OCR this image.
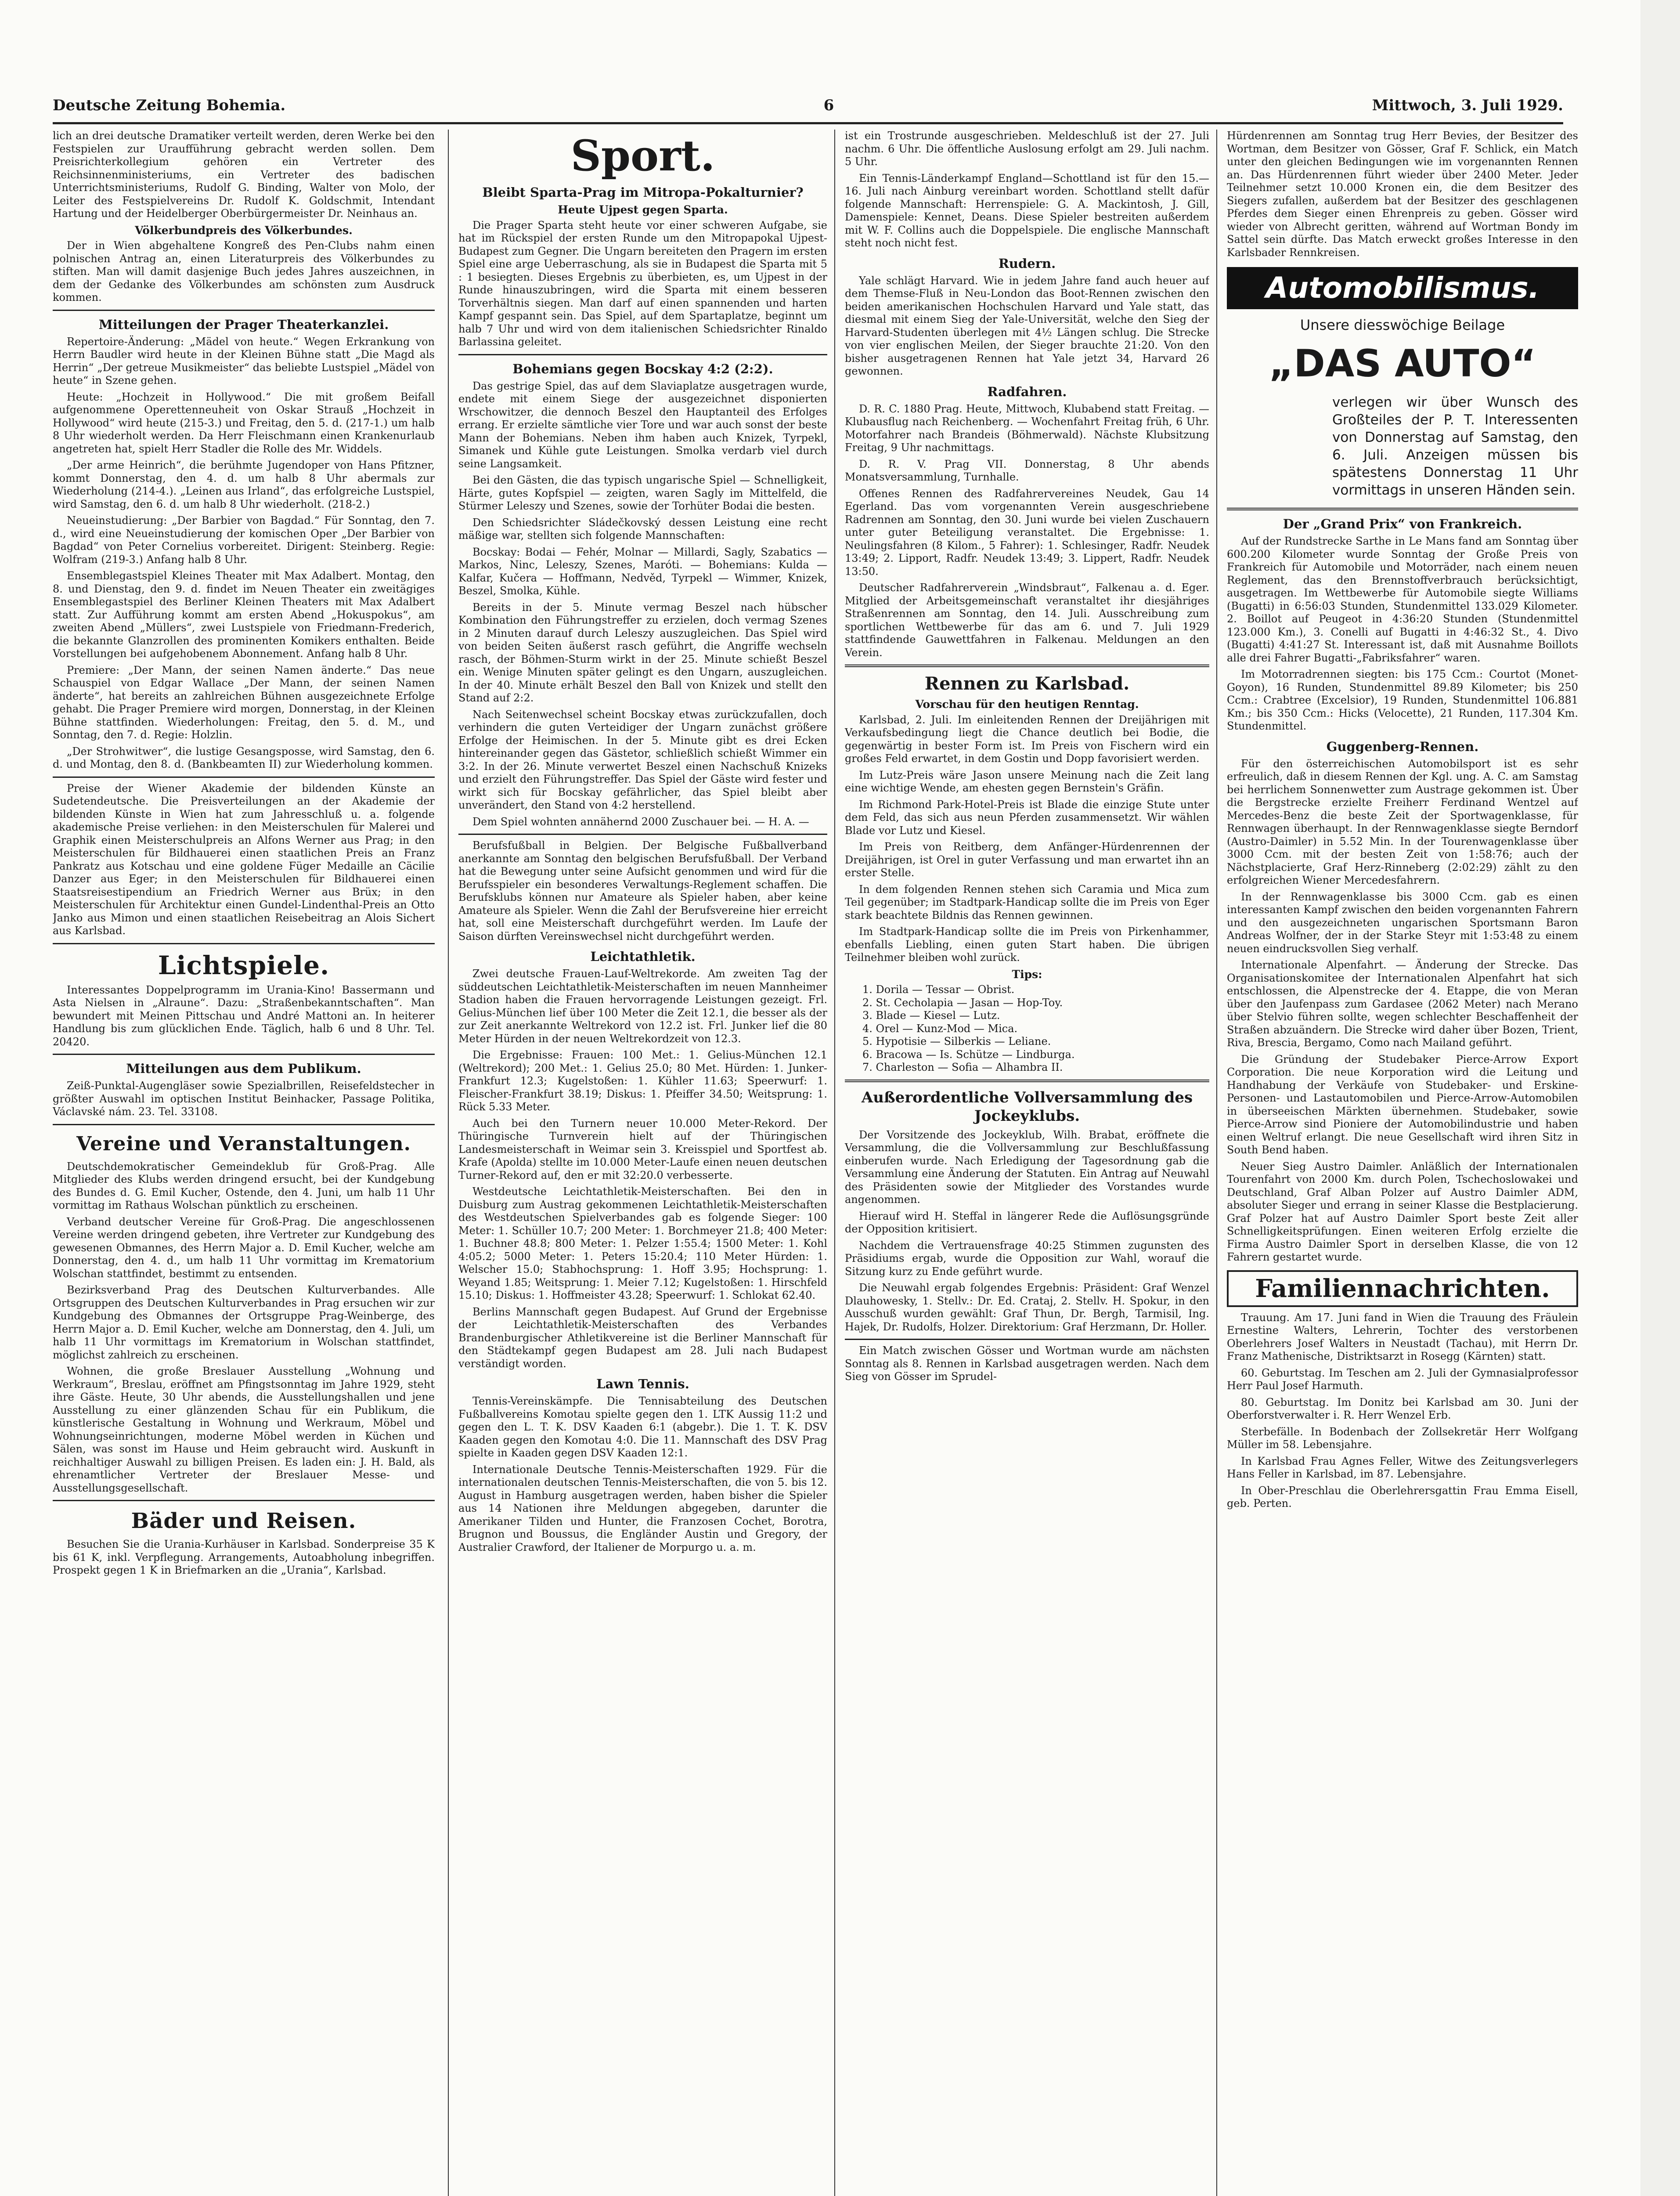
Deutsche Zeitung Bohemia.	6	Mittwoch, 3. Juli 1929.

lich an drei deutsche Dramatiker verteilt werden, deren Werke bei den Festspielen zur Uraufführung gebracht werden sollen. Dem Preisrichterkollegium gehören ein Vertreter des Reichsinnenministeriums, ein Vertreter des badischen Unterrichtsministeriums, Rudolf G. Binding, Walter von Molo, der Leiter des Festspielvereins Dr. Rudolf K. Goldschmit, Intendant Hartung und der Heidelberger Oberbürgermeister Dr. Neinhaus an.

Völkerbundpreis des Völkerbundes.

Der in Wien abgehaltene Kongreß des Pen-Clubs nahm einen polnischen Antrag an, einen Literaturpreis des Völkerbundes zu stiften. Man will damit dasjenige Buch jedes Jahres auszeichnen, in dem der Gedanke des Völkerbundes am schönsten zum Ausdruck kommen.

Mitteilungen der Prager Theaterkanzlei.

Repertoire-Änderung: „Mädel von heute.“ Wegen Erkrankung von Herrn Baudler wird heute in der Kleinen Bühne statt „Die Magd als Herrin“ „Der getreue Musikmeister“ das beliebte Lustspiel „Mädel von heute“ in Szene gehen.

Heute: „Hochzeit in Hollywood.“ Die mit großem Beifall aufgenommene Operettenneuheit von Oskar Strauß „Hochzeit in Hollywood“ wird heute (215-3.) und Freitag, den 5. d. (217-1.) um halb 8 Uhr wiederholt werden. Da Herr Fleischmann einen Krankenurlaub angetreten hat, spielt Herr Stadler die Rolle des Mr. Widdels.

„Der arme Heinrich“, die berühmte Jugendoper von Hans Pfitzner, kommt Donnerstag, den 4. d. um halb 8 Uhr abermals zur Wiederholung (214-4.). „Leinen aus Irland“, das erfolgreiche Lustspiel, wird Samstag, den 6. d. um halb 8 Uhr wiederholt. (218-2.)

Neueinstudierung: „Der Barbier von Bagdad.“ Für Sonntag, den 7. d., wird eine Neueinstudierung der komischen Oper „Der Barbier von Bagdad“ von Peter Cornelius vorbereitet. Dirigent: Steinberg. Regie: Wolfram (219-3.) Anfang halb 8 Uhr.

Ensemblegastspiel Kleines Theater mit Max Adalbert. Montag, den 8. und Dienstag, den 9. d. findet im Neuen Theater ein zweitägiges Ensemblegastspiel des Berliner Kleinen Theaters mit Max Adalbert statt. Zur Aufführung kommt am ersten Abend „Hokuspokus“, am zweiten Abend „Müllers“, zwei Lustspiele von Friedmann-Frederich, die bekannte Glanzrollen des prominenten Komikers enthalten. Beide Vorstellungen bei aufgehobenem Abonnement. Anfang halb 8 Uhr.

Premiere: „Der Mann, der seinen Namen änderte.“ Das neue Schauspiel von Edgar Wallace „Der Mann, der seinen Namen änderte“, hat bereits an zahlreichen Bühnen ausgezeichnete Erfolge gehabt. Die Prager Premiere wird morgen, Donnerstag, in der Kleinen Bühne stattfinden. Wiederholungen: Freitag, den 5. d. M., und Sonntag, den 7. d. Regie: Holzlin.

„Der Strohwitwer“, die lustige Gesangsposse, wird Samstag, den 6. d. und Montag, den 8. d. (Bankbeamten II) zur Wiederholung kommen.

Preise der Wiener Akademie der bildenden Künste an Sudetendeutsche. Die Preisverteilungen an der Akademie der bildenden Künste in Wien hat zum Jahresschluß u. a. folgende akademische Preise verliehen: in den Meisterschulen für Malerei und Graphik einen Meisterschulpreis an Alfons Werner aus Prag; in den Meisterschulen für Bildhauerei einen staatlichen Preis an Franz Pankratz aus Kotschau und eine goldene Füger Medaille an Cäcilie Danzer aus Eger; in den Meisterschulen für Bildhauerei einen Staatsreisestipendium an Friedrich Werner aus Brüx; in den Meisterschulen für Architektur einen Gundel-Lindenthal-Preis an Otto Janko aus Mimon und einen staatlichen Reisebeitrag an Alois Sichert aus Karlsbad.

Lichtspiele.

Interessantes Doppelprogramm im Urania-Kino! Bassermann und Asta Nielsen in „Alraune“. Dazu: „Straßenbekanntschaften“. Man bewundert mit Meinen Pittschau und André Mattoni an. In heiterer Handlung bis zum glücklichen Ende. Täglich, halb 6 und 8 Uhr. Tel. 20420.

Mitteilungen aus dem Publikum.

Zeiß-Punktal-Augengläser sowie Spezialbrillen, Reisefeldstecher in größter Auswahl im optischen Institut Beinhacker, Passage Politika, Václavské nám. 23. Tel. 33108.

Vereine und Veranstaltungen.

Deutschdemokratischer Gemeindeklub für Groß-Prag. Alle Mitglieder des Klubs werden dringend ersucht, bei der Kundgebung des Bundes d. G. Emil Kucher, Ostende, den 4. Juni, um halb 11 Uhr vormittag im Rathaus Wolschan pünktlich zu erscheinen.

Verband deutscher Vereine für Groß-Prag. Die angeschlossenen Vereine werden dringend gebeten, ihre Vertreter zur Kundgebung des gewesenen Obmannes, des Herrn Major a. D. Emil Kucher, welche am Donnerstag, den 4. d., um halb 11 Uhr vormittag im Krematorium Wolschan stattfindet, bestimmt zu entsenden.

Bezirksverband Prag des Deutschen Kulturverbandes. Alle Ortsgruppen des Deutschen Kulturverbandes in Prag ersuchen wir zur Kundgebung des Obmannes der Ortsgruppe Prag-Weinberge, des Herrn Major a. D. Emil Kucher, welche am Donnerstag, den 4. Juli, um halb 11 Uhr vormittags im Krematorium in Wolschan stattfindet, möglichst zahlreich zu erscheinen.

Wohnen, die große Breslauer Ausstellung „Wohnung und Werkraum“, Breslau, eröffnet am Pfingstsonntag im Jahre 1929, steht ihre Gäste. Heute, 30 Uhr abends, die Ausstellungshallen und jene Ausstellung zu einer glänzenden Schau für ein Publikum, die künstlerische Gestaltung in Wohnung und Werkraum, Möbel und Wohnungseinrichtungen, moderne Möbel werden in Küchen und Sälen, was sonst im Hause und Heim gebraucht wird. Auskunft in reichhaltiger Auswahl zu billigen Preisen. Es laden ein: J. H. Bald, als ehrenamtlicher Vertreter der Breslauer Messe- und Ausstellungsgesellschaft.

Bäder und Reisen.

Besuchen Sie die Urania-Kurhäuser in Karlsbad. Sonderpreise 35 K bis 61 K, inkl. Verpflegung. Arrangements, Autoabholung inbegriffen. Prospekt gegen 1 K in Briefmarken an die „Urania“, Karlsbad.

Sport.
Bleibt Sparta-Prag im Mitropa-Pokalturnier?
Heute Ujpest gegen Sparta.

Die Prager Sparta steht heute vor einer schweren Aufgabe, sie hat im Rückspiel der ersten Runde um den Mitropapokal Ujpest-Budapest zum Gegner. Die Ungarn bereiteten den Pragern im ersten Spiel eine arge Ueberraschung, als sie in Budapest die Sparta mit 5 : 1 besiegten. Dieses Ergebnis zu überbieten, es, um Ujpest in der Runde hinauszubringen, wird die Sparta mit einem besseren Torverhältnis siegen. Man darf auf einen spannenden und harten Kampf gespannt sein. Das Spiel, auf dem Spartaplatze, beginnt um halb 7 Uhr und wird von dem italienischen Schiedsrichter Rinaldo Barlassina geleitet.

Bohemians gegen Bocskay 4:2 (2:2).

Das gestrige Spiel, das auf dem Slaviaplatze ausgetragen wurde, endete mit einem Siege der ausgezeichnet disponierten Wrschowitzer, die dennoch Beszel den Hauptanteil des Erfolges errang. Er erzielte sämtliche vier Tore und war auch sonst der beste Mann der Bohemians. Neben ihm haben auch Knizek, Tyrpekl, Simanek und Kühle gute Leistungen. Smolka verdarb viel durch seine Langsamkeit.

Bei den Gästen, die das typisch ungarische Spiel — Schnelligkeit, Härte, gutes Kopfspiel — zeigten, waren Sagly im Mittelfeld, die Stürmer Leleszy und Szenes, sowie der Torhüter Bodai die besten.

Den Schiedsrichter Sládečkovský dessen Leistung eine recht mäßige war, stellten sich folgende Mannschaften:

Bocskay: Bodai — Fehér, Molnar — Millardi, Sagly, Szabatics — Markos, Ninc, Leleszy, Szenes, Maróti. — Bohemians: Kulda — Kalfar, Kučera — Hoffmann, Nedvěd, Tyrpekl — Wimmer, Knizek, Beszel, Smolka, Kühle.

Bereits in der 5. Minute vermag Beszel nach hübscher Kombination den Führungstreffer zu erzielen, doch vermag Szenes in 2 Minuten darauf durch Leleszy auszugleichen. Das Spiel wird von beiden Seiten äußerst rasch geführt, die Angriffe wechseln rasch, der Böhmen-Sturm wirkt in der 25. Minute schießt Beszel ein. Wenige Minuten später gelingt es den Ungarn, auszugleichen. In der 40. Minute erhält Beszel den Ball von Knizek und stellt den Stand auf 2:2.

Nach Seitenwechsel scheint Bocskay etwas zurückzufallen, doch verhindern die guten Verteidiger der Ungarn zunächst größere Erfolge der Heimischen. In der 5. Minute gibt es drei Ecken hintereinander gegen das Gästetor, schließlich schießt Wimmer ein 3:2. In der 26. Minute verwertet Beszel einen Nachschuß Knizeks und erzielt den Führungstreffer. Das Spiel der Gäste wird fester und wirkt sich für Bocskay gefährlicher, das Spiel bleibt aber unverändert, den Stand von 4:2 herstellend.

Dem Spiel wohnten annähernd 2000 Zuschauer bei. — H. A. —

Berufsfußball in Belgien. Der Belgische Fußballverband anerkannte am Sonntag den belgischen Berufsfußball. Der Verband hat die Bewegung unter seine Aufsicht genommen und wird für die Berufsspieler ein besonderes Verwaltungs-Reglement schaffen. Die Berufsklubs können nur Amateure als Spieler haben, aber keine Amateure als Spieler. Wenn die Zahl der Berufsvereine hier erreicht hat, soll eine Meisterschaft durchgeführt werden. Im Laufe der Saison dürften Vereinswechsel nicht durchgeführt werden.

Leichtathletik.

Zwei deutsche Frauen-Lauf-Weltrekorde. Am zweiten Tag der süddeutschen Leichtathletik-Meisterschaften im neuen Mannheimer Stadion haben die Frauen hervorragende Leistungen gezeigt. Frl. Gelius-München lief über 100 Meter die Zeit 12.1, die besser als der zur Zeit anerkannte Weltrekord von 12.2 ist. Frl. Junker lief die 80 Meter Hürden in der neuen Weltrekordzeit von 12.3.

Die Ergebnisse: Frauen: 100 Met.: 1. Gelius-München 12.1 (Weltrekord); 200 Met.: 1. Gelius 25.0; 80 Met. Hürden: 1. Junker-Frankfurt 12.3; Kugelstoßen: 1. Kühler 11.63; Speerwurf: 1. Fleischer-Frankfurt 38.19; Diskus: 1. Pfeiffer 34.50; Weitsprung: 1. Rück 5.33 Meter.

Auch bei den Turnern neuer 10.000 Meter-Rekord. Der Thüringische Turnverein hielt auf der Thüringischen Landesmeisterschaft in Weimar sein 3. Kreisspiel und Sportfest ab. Krafe (Apolda) stellte im 10.000 Meter-Laufe einen neuen deutschen Turner-Rekord auf, den er mit 32:20.0 verbesserte.

Westdeutsche Leichtathletik-Meisterschaften. Bei den in Duisburg zum Austrag gekommenen Leichtathletik-Meisterschaften des Westdeutschen Spielverbandes gab es folgende Sieger: 100 Meter: 1. Schüller 10.7; 200 Meter: 1. Borchmeyer 21.8; 400 Meter: 1. Buchner 48.8; 800 Meter: 1. Pelzer 1:55.4; 1500 Meter: 1. Kohl 4:05.2; 5000 Meter: 1. Peters 15:20.4; 110 Meter Hürden: 1. Welscher 15.0; Stabhochsprung: 1. Hoff 3.95; Hochsprung: 1. Weyand 1.85; Weitsprung: 1. Meier 7.12; Kugelstoßen: 1. Hirschfeld 15.10; Diskus: 1. Hoffmeister 43.28; Speerwurf: 1. Schlokat 62.40.

Berlins Mannschaft gegen Budapest. Auf Grund der Ergebnisse der Leichtathletik-Meisterschaften des Verbandes Brandenburgischer Athletikvereine ist die Berliner Mannschaft für den Städtekampf gegen Budapest am 28. Juli nach Budapest verständigt worden.

Lawn Tennis.

Tennis-Vereinskämpfe. Die Tennisabteilung des Deutschen Fußballvereins Komotau spielte gegen den 1. LTK Aussig 11:2 und gegen den L. T. K. DSV Kaaden 6:1 (abgebr.). Die 1. T. K. DSV Kaaden gegen den Komotau 4:0. Die 11. Mannschaft des DSV Prag spielte in Kaaden gegen DSV Kaaden 12:1.

Internationale Deutsche Tennis-Meisterschaften 1929. Für die internationalen deutschen Tennis-Meisterschaften, die von 5. bis 12. August in Hamburg ausgetragen werden, haben bisher die Spieler aus 14 Nationen ihre Meldungen abgegeben, darunter die Amerikaner Tilden und Hunter, die Franzosen Cochet, Borotra, Brugnon und Boussus, die Engländer Austin und Gregory, der Australier Crawford, der Italiener de Morpurgo u. a. m.

ist ein Trostrunde ausgeschrieben. Meldeschluß ist der 27. Juli nachm. 6 Uhr. Die öffentliche Auslosung erfolgt am 29. Juli nachm. 5 Uhr.

Ein Tennis-Länderkampf England—Schottland ist für den 15.—16. Juli nach Ainburg vereinbart worden. Schottland stellt dafür folgende Mannschaft: Herrenspiele: G. A. Mackintosh, J. Gill, Damenspiele: Kennet, Deans. Diese Spieler bestreiten außerdem mit W. F. Collins auch die Doppelspiele. Die englische Mannschaft steht noch nicht fest.

Rudern.

Yale schlägt Harvard. Wie in jedem Jahre fand auch heuer auf dem Themse-Fluß in Neu-London das Boot-Rennen zwischen den beiden amerikanischen Hochschulen Harvard und Yale statt, das diesmal mit einem Sieg der Yale-Universität, welche den Sieg der Harvard-Studenten überlegen mit 4½ Längen schlug. Die Strecke von vier englischen Meilen, der Sieger brauchte 21:20. Von den bisher ausgetragenen Rennen hat Yale jetzt 34, Harvard 26 gewonnen.

Radfahren.

D. R. C. 1880 Prag. Heute, Mittwoch, Klubabend statt Freitag. — Klubausflug nach Reichenberg. — Wochenfahrt Freitag früh, 6 Uhr. Motorfahrer nach Brandeis (Böhmerwald). Nächste Klubsitzung Freitag, 9 Uhr nachmittags.

D. R. V. Prag VII. Donnerstag, 8 Uhr abends Monatsversammlung, Turnhalle.

Offenes Rennen des Radfahrervereines Neudek, Gau 14 Egerland. Das vom vorgenannten Verein ausgeschriebene Radrennen am Sonntag, den 30. Juni wurde bei vielen Zuschauern unter guter Beteiligung veranstaltet. Die Ergebnisse: 1. Neulingsfahren (8 Kilom., 5 Fahrer): 1. Schlesinger, Radfr. Neudek 13:49; 2. Lipport, Radfr. Neudek 13:49; 3. Lippert, Radfr. Neudek 13:50.

Deutscher Radfahrerverein „Windsbraut“, Falkenau a. d. Eger. Mitglied der Arbeitsgemeinschaft veranstaltet ihr diesjähriges Straßenrennen am Sonntag, den 14. Juli. Ausschreibung zum sportlichen Wettbewerbe für das am 6. und 7. Juli 1929 stattfindende Gauwettfahren in Falkenau. Meldungen an den Verein.

Rennen zu Karlsbad.
Vorschau für den heutigen Renntag.

Karlsbad, 2. Juli. Im einleitenden Rennen der Dreijährigen mit Verkaufsbedingung liegt die Chance deutlich bei Bodie, die gegenwärtig in bester Form ist. Im Preis von Fischern wird ein großes Feld erwartet, in dem Gostin und Dopp favorisiert werden.

Im Lutz-Preis wäre Jason unsere Meinung nach die Zeit lang eine wichtige Wende, am ehesten gegen Bernstein's Gräfin.

Im Richmond Park-Hotel-Preis ist Blade die einzige Stute unter dem Feld, das sich aus neun Pferden zusammensetzt. Wir wählen Blade vor Lutz und Kiesel.

Im Preis von Reitberg, dem Anfänger-Hürdenrennen der Dreijährigen, ist Orel in guter Verfassung und man erwartet ihn an erster Stelle.

In dem folgenden Rennen stehen sich Caramia und Mica zum Teil gegenüber; im Stadtpark-Handicap sollte die im Preis von Eger stark beachtete Bildnis das Rennen gewinnen.

Im Stadtpark-Handicap sollte die im Preis von Pirkenhammer, ebenfalls Liebling, einen guten Start haben. Die übrigen Teilnehmer bleiben wohl zurück.

Tips:
1. Dorila — Tessar — Obrist.
2. St. Cecholapia — Jasan — Hop-Toy.
3. Blade — Kiesel — Lutz.
4. Orel — Kunz-Mod — Mica.
5. Hypotisie — Silberkis — Leliane.
6. Bracowa — Is. Schütze — Lindburga.
7. Charleston — Sofia — Alhambra II.
Außerordentliche Vollversammlung des Jockeyklubs.

Der Vorsitzende des Jockeyklub, Wilh. Brabat, eröffnete die Versammlung, die die Vollversammlung zur Beschlußfassung einberufen wurde. Nach Erledigung der Tagesordnung gab die Versammlung eine Änderung der Statuten. Ein Antrag auf Neuwahl des Präsidenten sowie der Mitglieder des Vorstandes wurde angenommen.

Hierauf wird H. Steffal in längerer Rede die Auflösungsgründe der Opposition kritisiert.

Nachdem die Vertrauensfrage 40:25 Stimmen zugunsten des Präsidiums ergab, wurde die Opposition zur Wahl, worauf die Sitzung kurz zu Ende geführt wurde.

Die Neuwahl ergab folgendes Ergebnis: Präsident: Graf Wenzel Dlauhowesky, 1. Stellv.: Dr. Ed. Crataj, 2. Stellv. H. Spokur, in den Ausschuß wurden gewählt: Graf Thun, Dr. Bergh, Tarmisil, Ing. Hajek, Dr. Rudolfs, Holzer. Direktorium: Graf Herzmann, Dr. Holler.

Ein Match zwischen Gösser und Wortman wurde am nächsten Sonntag als 8. Rennen in Karlsbad ausgetragen werden. Nach dem Sieg von Gösser im Sprudel-

Hürdenrennen am Sonntag trug Herr Bevies, der Besitzer des Wortman, dem Besitzer von Gösser, Graf F. Schlick, ein Match unter den gleichen Bedingungen wie im vorgenannten Rennen an. Das Hürdenrennen führt wieder über 2400 Meter. Jeder Teilnehmer setzt 10.000 Kronen ein, die dem Besitzer des Siegers zufallen, außerdem bat der Besitzer des geschlagenen Pferdes dem Sieger einen Ehrenpreis zu geben. Gösser wird wieder von Albrecht geritten, während auf Wortman Bondy im Sattel sein dürfte. Das Match erweckt großes Interesse in den Karlsbader Rennkreisen.

Automobilismus.
Unsere diesswöchige Beilage
„DAS AUTO“
verlegen wir über Wunsch des Großteiles der P. T. Interessenten von Donnerstag auf Samstag, den 6. Juli. Anzeigen müssen bis spätestens Donnerstag 11 Uhr vormittags in unseren Händen sein.
Der „Grand Prix“ von Frankreich.

Auf der Rundstrecke Sarthe in Le Mans fand am Sonntag über 600.200 Kilometer wurde Sonntag der Große Preis von Frankreich für Automobile und Motorräder, nach einem neuen Reglement, das den Brennstoffverbrauch berücksichtigt, ausgetragen. Im Wettbewerbe für Automobile siegte Williams (Bugatti) in 6:56:03 Stunden, Stundenmittel 133.029 Kilometer. 2. Boillot auf Peugeot in 4:36:20 Stunden (Stundenmittel 123.000 Km.), 3. Conelli auf Bugatti in 4:46:32 St., 4. Divo (Bugatti) 4:41:27 St. Interessant ist, daß mit Ausnahme Boillots alle drei Fahrer Bugatti-„Fabriksfahrer“ waren.

Im Motorradrennen siegten: bis 175 Ccm.: Courtot (Monet-Goyon), 16 Runden, Stundenmittel 89.89 Kilometer; bis 250 Ccm.: Crabtree (Excelsior), 19 Runden, Stundenmittel 106.881 Km.; bis 350 Ccm.: Hicks (Velocette), 21 Runden, 117.304 Km. Stundenmittel.

Guggenberg-Rennen.

Für den österreichischen Automobilsport ist es sehr erfreulich, daß in diesem Rennen der Kgl. ung. A. C. am Samstag bei herrlichem Sonnenwetter zum Austrage gekommen ist. Über die Bergstrecke erzielte Freiherr Ferdinand Wentzel auf Mercedes-Benz die beste Zeit der Sportwagenklasse, für Rennwagen überhaupt. In der Rennwagenklasse siegte Berndorf (Austro-Daimler) in 5.52 Min. In der Tourenwagenklasse über 3000 Ccm. mit der besten Zeit von 1:58:76; auch der Nächstplacierte, Graf Herz-Rinneberg (2:02:29) zählt zu den erfolgreichen Wiener Mercedesfahrern.

In der Rennwagenklasse bis 3000 Ccm. gab es einen interessanten Kampf zwischen den beiden vorgenannten Fahrern und den ausgezeichneten ungarischen Sportsmann Baron Andreas Wolfner, der in der Starke Steyr mit 1:53:48 zu einem neuen eindrucksvollen Sieg verhalf.

Internationale Alpenfahrt. — Änderung der Strecke. Das Organisationskomitee der Internationalen Alpenfahrt hat sich entschlossen, die Alpenstrecke der 4. Etappe, die von Meran über den Jaufenpass zum Gardasee (2062 Meter) nach Merano über Stelvio führen sollte, wegen schlechter Beschaffenheit der Straßen abzuändern. Die Strecke wird daher über Bozen, Trient, Riva, Brescia, Bergamo, Como nach Mailand geführt.

Die Gründung der Studebaker Pierce-Arrow Export Corporation. Die neue Korporation wird die Leitung und Handhabung der Verkäufe von Studebaker- und Erskine-Personen- und Lastautomobilen und Pierce-Arrow-Automobilen in überseeischen Märkten übernehmen. Studebaker, sowie Pierce-Arrow sind Pioniere der Automobilindustrie und haben einen Weltruf erlangt. Die neue Gesellschaft wird ihren Sitz in South Bend haben.

Neuer Sieg Austro Daimler. Anläßlich der Internationalen Tourenfahrt von 2000 Km. durch Polen, Tschechoslowakei und Deutschland, Graf Alban Polzer auf Austro Daimler ADM, absoluter Sieger und errang in seiner Klasse die Bestplacierung. Graf Polzer hat auf Austro Daimler Sport beste Zeit aller Schnelligkeitsprüfungen. Einen weiteren Erfolg erzielte die Firma Austro Daimler Sport in derselben Klasse, die von 12 Fahrern gestartet wurde.

Familiennachrichten.

Trauung. Am 17. Juni fand in Wien die Trauung des Fräulein Ernestine Walters, Lehrerin, Tochter des verstorbenen Oberlehrers Josef Walters in Neustadt (Tachau), mit Herrn Dr. Franz Mathenische, Distriktsarzt in Rosegg (Kärnten) statt.

60. Geburtstag. Im Teschen am 2. Juli der Gymnasialprofessor Herr Paul Josef Harmuth.

80. Geburtstag. Im Donitz bei Karlsbad am 30. Juni der Oberforstverwalter i. R. Herr Wenzel Erb.

Sterbefälle. In Bodenbach der Zollsekretär Herr Wolfgang Müller im 58. Lebensjahre.

In Karlsbad Frau Agnes Feller, Witwe des Zeitungsverlegers Hans Feller in Karlsbad, im 87. Lebensjahre.

In Ober-Preschlau die Oberlehrersgattin Frau Emma Eisell, geb. Perten.
